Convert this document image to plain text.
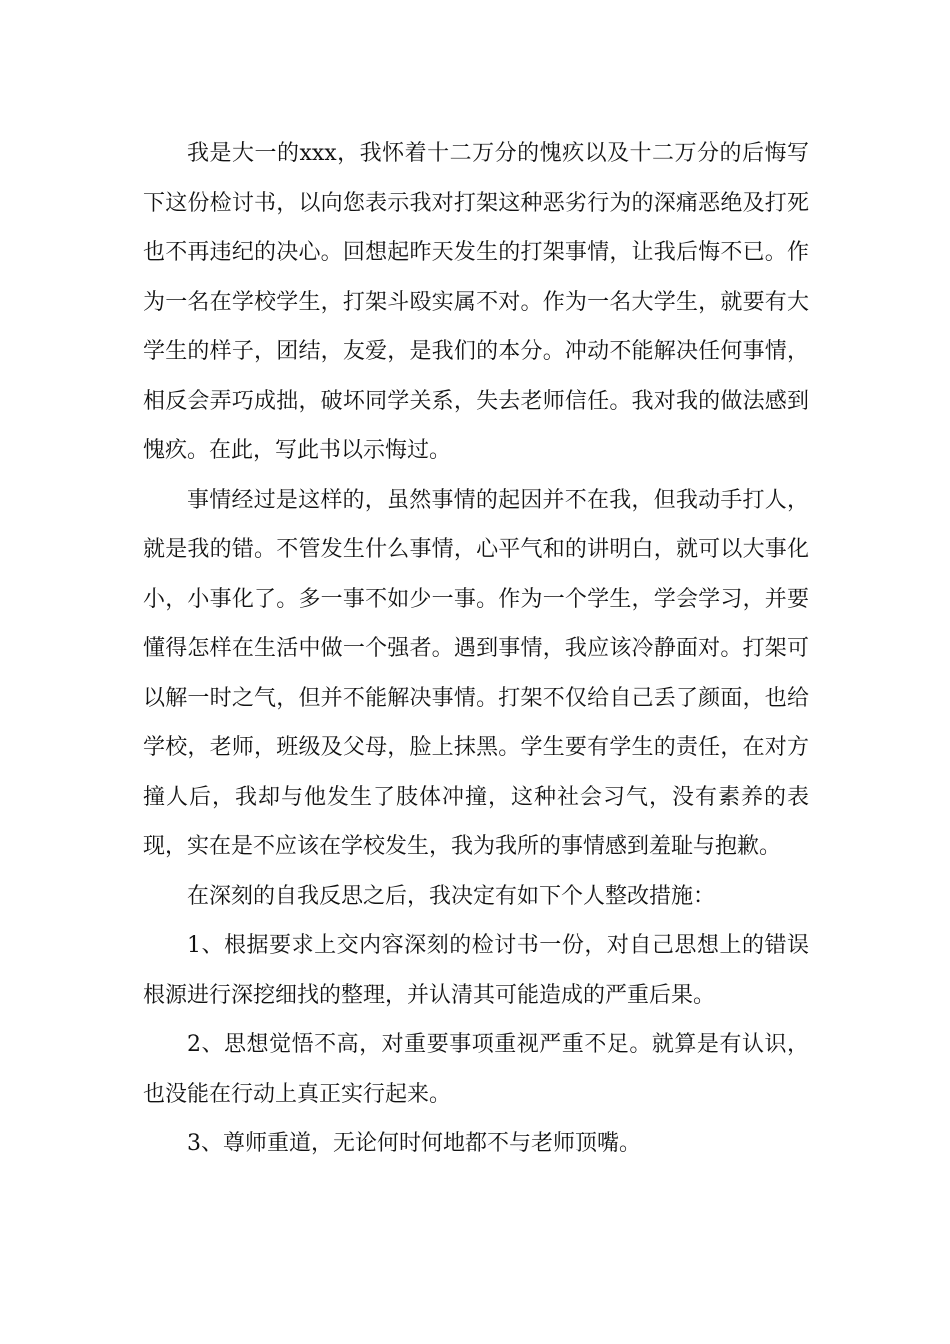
我是大一的xxx，我怀着十二万分的愧疚以及十二万分的后悔写下这份检讨书，以向您表示我对打架这种恶劣行为的深痛恶绝及打死也不再违纪的决心。回想起昨天发生的打架事情，让我后悔不已。作为一名在学校学生，打架斗殴实属不对。作为一名大学生，就要有大学生的样子，团结，友爱，是我们的本分。冲动不能解决任何事情，相反会弄巧成拙，破坏同学关系，失去老师信任。我对我的做法感到愧疚。在此，写此书以示悔过。

事情经过是这样的，虽然事情的起因并不在我，但我动手打人，就是我的错。不管发生什么事情，心平气和的讲明白，就可以大事化小，小事化了。多一事不如少一事。作为一个学生，学会学习，并要懂得怎样在生活中做一个强者。遇到事情，我应该冷静面对。打架可以解一时之气，但并不能解决事情。打架不仅给自己丢了颜面，也给学校，老师，班级及父母，脸上抹黑。学生要有学生的责任，在对方撞人后，我却与他发生了肢体冲撞，这种社会习气，没有素养的表现，实在是不应该在学校发生，我为我所的事情感到羞耻与抱歉。

在深刻的自我反思之后，我决定有如下个人整改措施：

1、根据要求上交内容深刻的检讨书一份，对自己思想上的错误根源进行深挖细找的整理，并认清其可能造成的严重后果。

2、思想觉悟不高，对重要事项重视严重不足。就算是有认识，也没能在行动上真正实行起来。

3、尊师重道，无论何时何地都不与老师顶嘴。
